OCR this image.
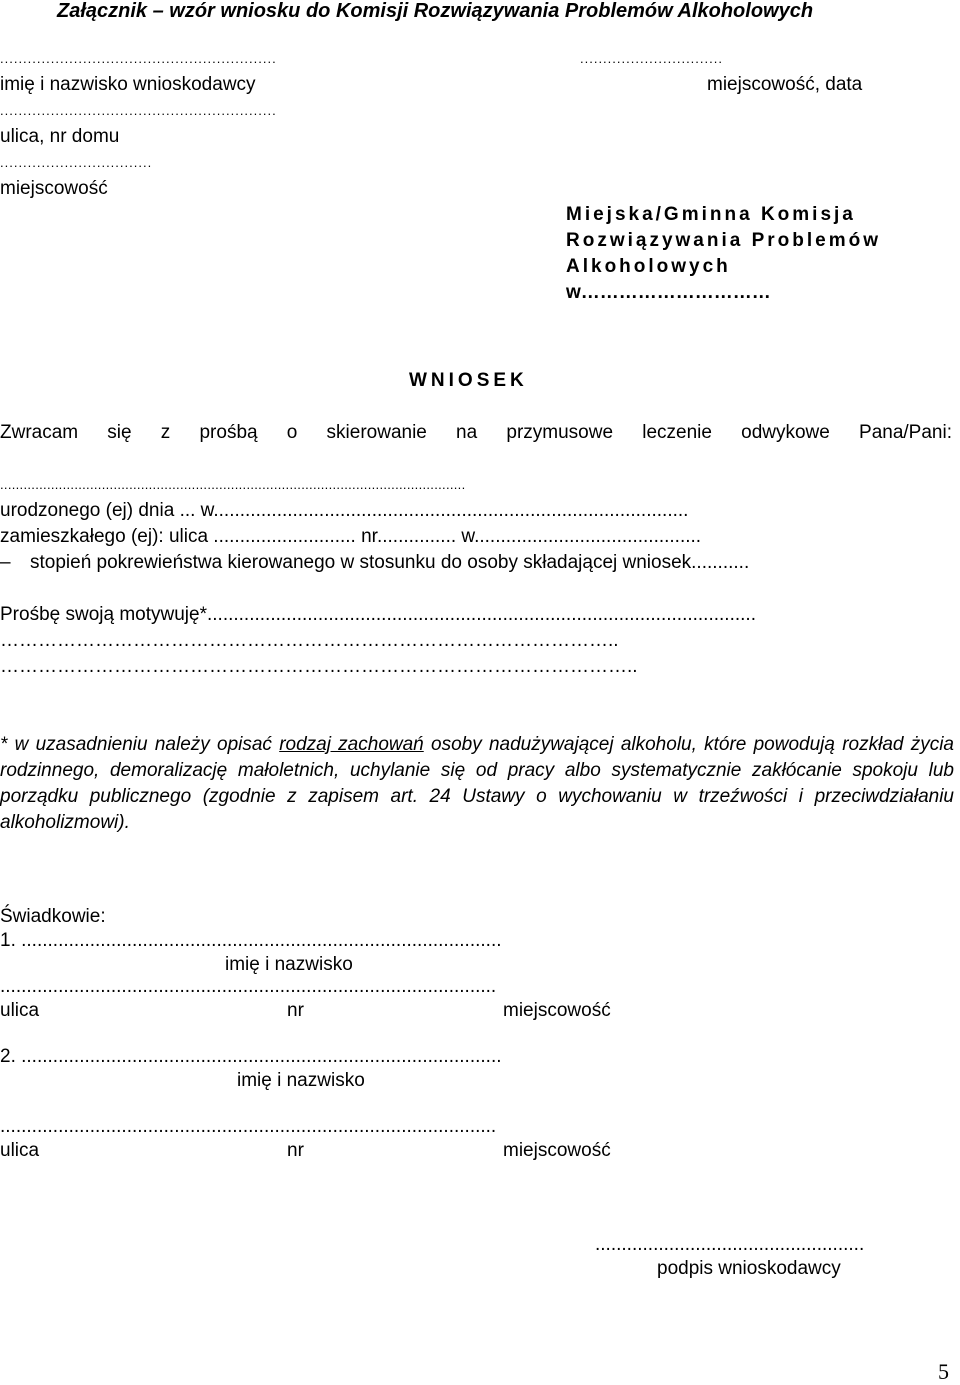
Załącznik – wzór wniosku do Komisji Rozwiązywania Problemów Alkoholowych
............................................................
imię i nazwisko wnioskodawcy
............................................................
ulica, nr domu
.................................
miejscowość
...............................
miejscowość, data
Miejska/Gminna Komisja
Rozwiązywania Problemów
Alkoholowych
w…………………………
WNIOSEK
Zwracam się z prośbą o skierowanie na przymusowe leczenie odwykowe Pana/Pani:
.......................................................................................................................
urodzonego (ej) dnia ... w..........................................................................................
zamieszkałego (ej): ulica ........................... nr............... w...........................................
– stopień pokrewieństwa kierowanego w stosunku do osoby składającej wniosek...........
Prośbę swoją motywuję*........................................................................................................
……………………………………………………………………………………..
………………………………………………………………………………………..
* w uzasadnieniu należy opisać rodzaj zachowań osoby nadużywającej alkoholu, które powodują rozkład życia rodzinnego, demoralizację małoletnich, uchylanie się od pracy albo systematycznie zakłócanie spokoju lub porządku publicznego (zgodnie z zapisem art. 24 Ustawy o wychowaniu w trzeźwości i przeciwdziałaniu alkoholizmowi).
Świadkowie:
1. ...........................................................................................
imię i nazwisko
..............................................................................................
ulica	nr	miejscowość
2. ...........................................................................................
imię i nazwisko
..............................................................................................
ulica	nr	miejscowość
...................................................
podpis wnioskodawcy
5
